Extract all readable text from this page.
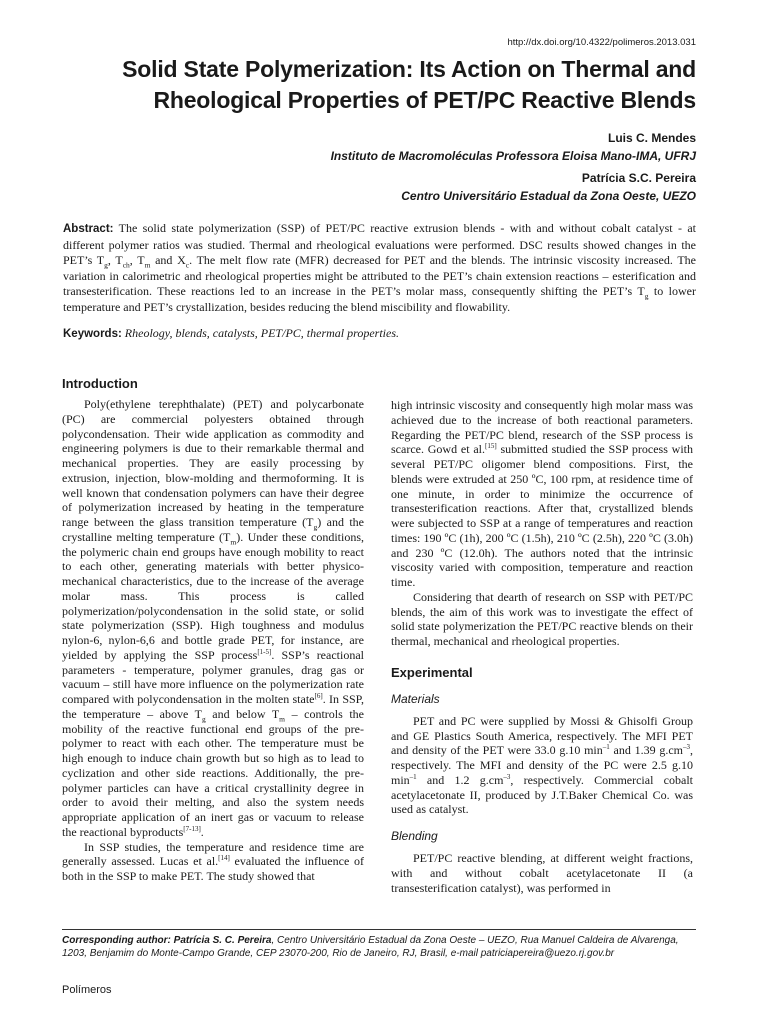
http://dx.doi.org/10.4322/polimeros.2013.031
Solid State Polymerization: Its Action on Thermal and Rheological Properties of PET/PC Reactive Blends
Luis C. Mendes
Instituto de Macromoléculas Professora Eloisa Mano-IMA, UFRJ
Patrícia S.C. Pereira
Centro Universitário Estadual da Zona Oeste, UEZO

Abstract: The solid state polymerization (SSP) of PET/PC reactive extrusion blends - with and without cobalt catalyst - at different polymer ratios was studied. Thermal and rheological evaluations were performed. DSC results showed changes in the PET’s $T_g$, $T_{ch}$, $T_m$ and $X_c$. The melt flow rate (MFR) decreased for PET and the blends. The intrinsic viscosity increased. The variation in calorimetric and rheological properties might be attributed to the PET’s chain extension reactions – esterification and transesterification. These reactions led to an increase in the PET’s molar mass, consequently shifting the PET’s $T_g$ to lower temperature and PET’s crystallization, besides reducing the blend miscibility and flowability.

Keywords: Rheology, blends, catalysts, PET/PC, thermal properties.

Introduction

Poly(ethylene terephthalate) (PET) and polycarbonate (PC) are commercial polyesters obtained through polycondensation. Their wide application as commodity and engineering polymers is due to their remarkable thermal and mechanical properties. They are easily processing by extrusion, injection, blow-molding and thermoforming. It is well known that condensation polymers can have their degree of polymerization increased by heating in the temperature range between the glass transition temperature $(T_g)$ and the crystalline melting temperature $(T_m)$. Under these conditions, the polymeric chain end groups have enough mobility to react to each other, generating materials with better physico-mechanical characteristics, due to the increase of the average molar mass. This process is called polymerization/polycondensation in the solid state, or solid state polymerization (SSP). High toughness and modulus nylon-6, nylon-6,6 and bottle grade PET, for instance, are yielded by applying the SSP process[1-5]. SSP’s reactional parameters - temperature, polymer granules, drag gas or vacuum – still have more influence on the polymerization rate compared with polycondensation in the molten state[6]. In SSP, the temperature – above $T_g$ and below $T_m$ – controls the mobility of the reactive functional end groups of the pre-polymer to react with each other. The temperature must be high enough to induce chain growth but so high as to lead to cyclization and other side reactions. Additionally, the pre-polymer particles can have a critical crystallinity degree in order to avoid their melting, and also the system needs appropriate application of an inert gas or vacuum to release the reactional byproducts[7-13].

In SSP studies, the temperature and residence time are generally assessed. Lucas et al.[14] evaluated the influence of both in the SSP to make PET. The study showed that

high intrinsic viscosity and consequently high molar mass was achieved due to the increase of both reactional parameters. Regarding the PET/PC blend, research of the SSP process is scarce. Gowd et al.[15] submitted studied the SSP process with several PET/PC oligomer blend compositions. First, the blends were extruded at 250 ºC, 100 rpm, at residence time of one minute, in order to minimize the occurrence of transesterification reactions. After that, crystallized blends were subjected to SSP at a range of temperatures and reaction times: 190 ºC (1h), 200 ºC (1.5h), 210 ºC (2.5h), 220 ºC (3.0h) and 230 ºC (12.0h). The authors noted that the intrinsic viscosity varied with composition, temperature and reaction time.

Considering that dearth of research on SSP with PET/PC blends, the aim of this work was to investigate the effect of solid state polymerization the PET/PC reactive blends on their thermal, mechanical and rheological properties.

Experimental
Materials

PET and PC were supplied by Mossi & Ghisolfi Group and GE Plastics South America, respectively. The MFI PET and density of the PET were 33.0 g.10 $\min^{-1}$ and 1.39 $g.cm^{-3}$, respectively. The MFI and density of the PC were 2.5 g.10 $\min^{-1}$ and 1.2 $g.cm^{-3}$, respectively. Commercial cobalt acetylacetonate II, produced by J.T.Baker Chemical Co. was used as catalyst.

Blending

PET/PC reactive blending, at different weight fractions, with and without cobalt acetylacetonate II (a transesterification catalyst), was performed in

Corresponding author: Patrícia S. C. Pereira, Centro Universitário Estadual da Zona Oeste – UEZO, Rua Manuel Caldeira de Alvarenga, 1203, Benjamim do Monte-Campo Grande, CEP 23070-200, Rio de Janeiro, RJ, Brasil, e-mail patriciapereira@uezo.rj.gov.br

Polímeros
